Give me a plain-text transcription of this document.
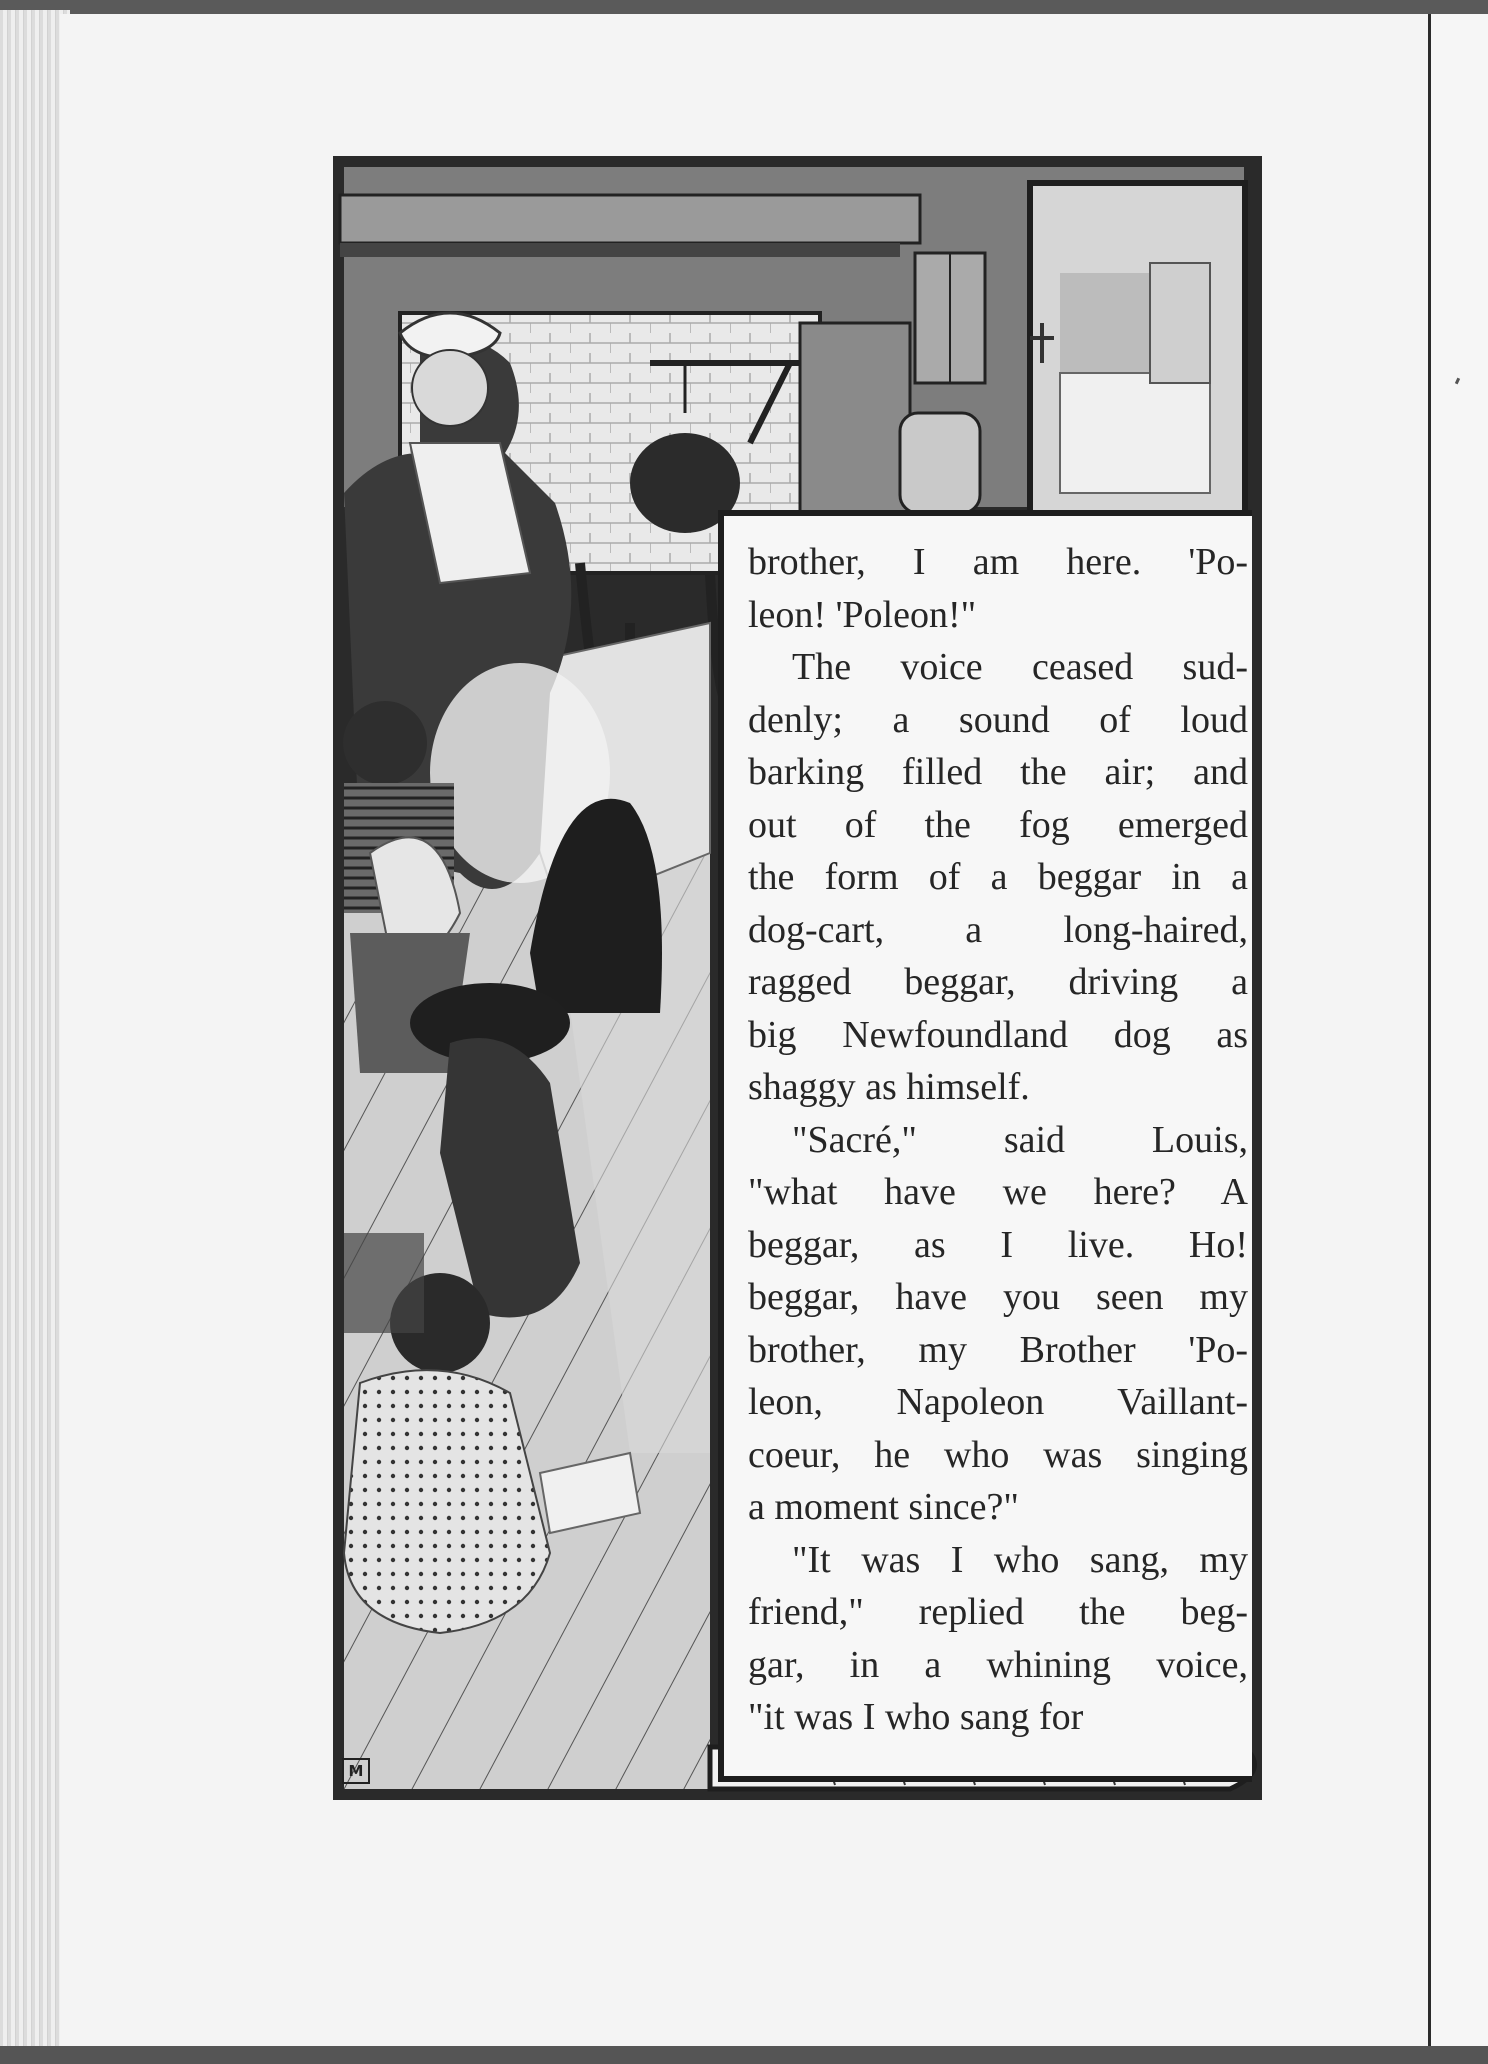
M
brother, I am here. 'Po-
leon! 'Poleon!"
The voice ceased sud-
denly; a sound of loud
barking filled the air; and
out of the fog emerged
the form of a beggar in a
dog-cart, a long-haired,
ragged beggar, driving a
big Newfoundland dog as
shaggy as himself.
"Sacré," said Louis,
"what have we here? A
beggar, as I live. Ho!
beggar, have you seen my
brother, my Brother 'Po-
leon, Napoleon Vaillant-
coeur, he who was singing
a moment since?"
"It was I who sang, my
friend," replied the beg-
gar, in a whining voice,
"it was I who sang for
